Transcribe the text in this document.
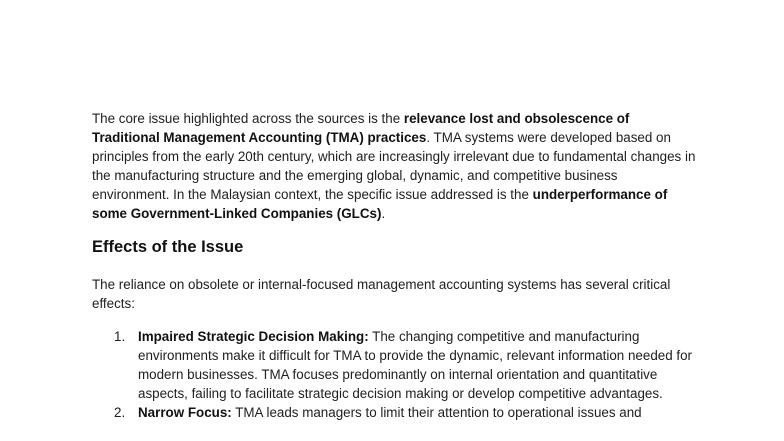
The core issue highlighted across the sources is the relevance lost and obsolescence of Traditional Management Accounting (TMA) practices. TMA systems were developed based on principles from the early 20th century, which are increasingly irrelevant due to fundamental changes in the manufacturing structure and the emerging global, dynamic, and competitive business environment. In the Malaysian context, the specific issue addressed is the underperformance of some Government-Linked Companies (GLCs).

Effects of the Issue

The reliance on obsolete or internal-focused management accounting systems has several critical effects:

1. Impaired Strategic Decision Making: The changing competitive and manufacturing environments make it difficult for TMA to provide the dynamic, relevant information needed for modern businesses. TMA focuses predominantly on internal orientation and quantitative aspects, failing to facilitate strategic decision making or develop competitive advantages.
2. Narrow Focus: TMA leads managers to limit their attention to operational issues and
